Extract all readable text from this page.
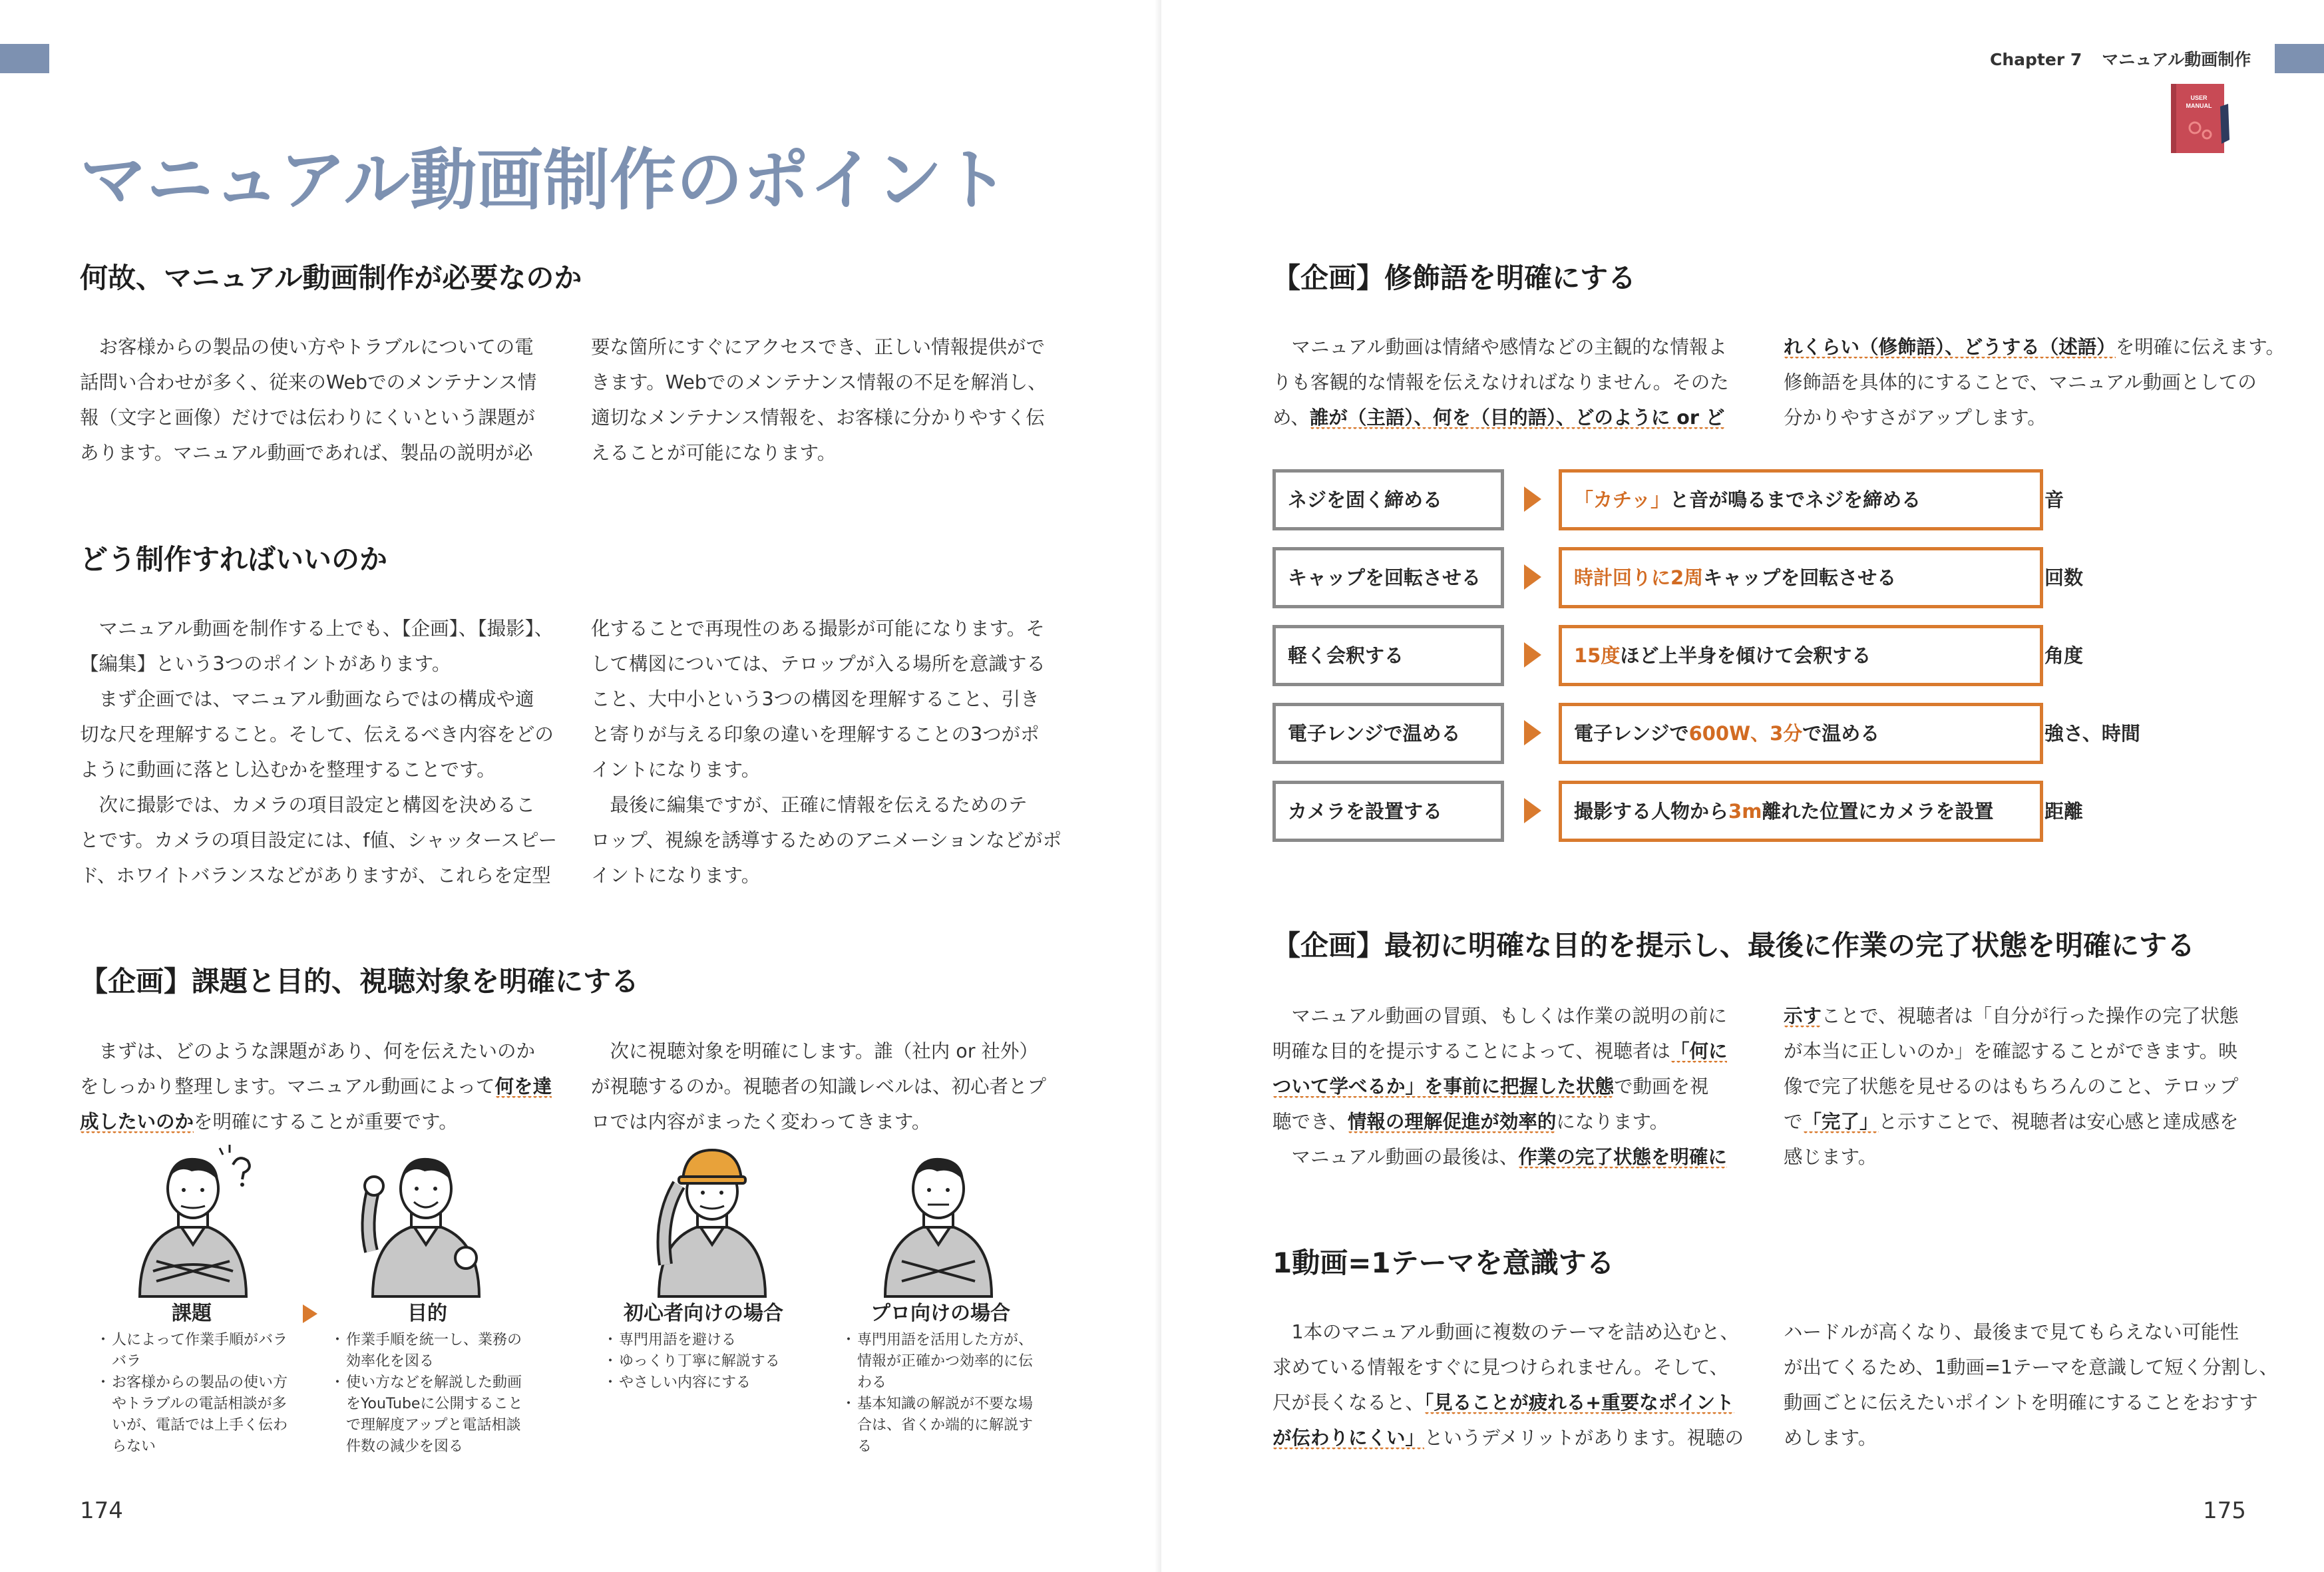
マニュアル動画制作のポイント
何故、マニュアル動画制作が必要なのか

　お客様からの製品の使い方やトラブルについての電

話問い合わせが多く、従来のWebでのメンテナンス情

報（文字と画像）だけでは伝わりにくいという課題が

あります。マニュアル動画であれば、製品の説明が必

要な箇所にすぐにアクセスでき、正しい情報提供がで

きます。Webでのメンテナンス情報の不足を解消し、

適切なメンテナンス情報を、お客様に分かりやすく伝

えることが可能になります。

どう制作すればいいのか

　マニュアル動画を制作する上でも、【企画】、【撮影】、

【編集】という3つのポイントがあります。

　まず企画では、マニュアル動画ならではの構成や適

切な尺を理解すること。そして、伝えるべき内容をどの

ように動画に落とし込むかを整理することです。

　次に撮影では、カメラの項目設定と構図を決めるこ

とです。カメラの項目設定には、f値、シャッタースピー

ド、ホワイトバランスなどがありますが、これらを定型

化することで再現性のある撮影が可能になります。そ

して構図については、テロップが入る場所を意識する

こと、大中小という3つの構図を理解すること、引き

と寄りが与える印象の違いを理解することの3つがポ

イントになります。

　最後に編集ですが、正確に情報を伝えるためのテ

ロップ、視線を誘導するためのアニメーションなどがポ

イントになります。

【企画】課題と目的、視聴対象を明確にする

　まずは、どのような課題があり、何を伝えたいのか

をしっかり整理します。マニュアル動画によって何を達

成したいのかを明確にすることが重要です。

　次に視聴対象を明確にします。誰（社内 or 社外）

が視聴するのか。視聴者の知識レベルは、初心者とプ

ロでは内容がまったく変わってきます。

課題	目的	初心者向けの場合	プロ向けの場合
・ 人によって作業手順がバラバラ
・ お客様からの製品の使い方やトラブルの電話相談が多いが、電話では上手く伝わらない
・ 作業手順を統一し、業務の効率化を図る
・ 使い方などを解説した動画をYouTubeに公開することで理解度アップと電話相談件数の減少を図る
・ 専門用語を避ける
・ ゆっくり丁寧に解説する
・ やさしい内容にする
・ 専門用語を活用した方が、情報が正確かつ効率的に伝わる
・ 基本知識の解説が不要な場合は、省くか端的に解説する
174
Chapter 7 マニュアル動画制作
USER
MANUAL
【企画】修飾語を明確にする

　マニュアル動画は情緒や感情などの主観的な情報よ

りも客観的な情報を伝えなければなりません。そのた

め、誰が（主語）、何を（目的語）、どのように or ど

れくらい（修飾語）、どうする（述語）を明確に伝えます。

修飾語を具体的にすることで、マニュアル動画としての

分かりやすさがアップします。

ネジを固く締める	「カチッ」と音が鳴るまでネジを締める	音
キャップを回転させる	時計回りに2周キャップを回転させる	回数
軽く会釈する	15度ほど上半身を傾けて会釈する	角度
電子レンジで温める	電子レンジで600W、3分で温める	強さ、時間
カメラを設置する	撮影する人物から3m離れた位置にカメラを設置	距離
【企画】最初に明確な目的を提示し、最後に作業の完了状態を明確にする

　マニュアル動画の冒頭、もしくは作業の説明の前に

明確な目的を提示することによって、視聴者は「何に

ついて学べるか」を事前に把握した状態で動画を視

聴でき、情報の理解促進が効率的になります。

　マニュアル動画の最後は、作業の完了状態を明確に

示すことで、視聴者は「自分が行った操作の完了状態

が本当に正しいのか」を確認することができます。映

像で完了状態を見せるのはもちろんのこと、テロップ

で「完了」と示すことで、視聴者は安心感と達成感を

感じます。

1動画=1テーマを意識する

　1本のマニュアル動画に複数のテーマを詰め込むと、

求めている情報をすぐに見つけられません。そして、

尺が長くなると、「見ることが疲れる+重要なポイント

が伝わりにくい」というデメリットがあります。視聴の

ハードルが高くなり、最後まで見てもらえない可能性

が出てくるため、1動画=1テーマを意識して短く分割し、

動画ごとに伝えたいポイントを明確にすることをおすす

めします。

175
